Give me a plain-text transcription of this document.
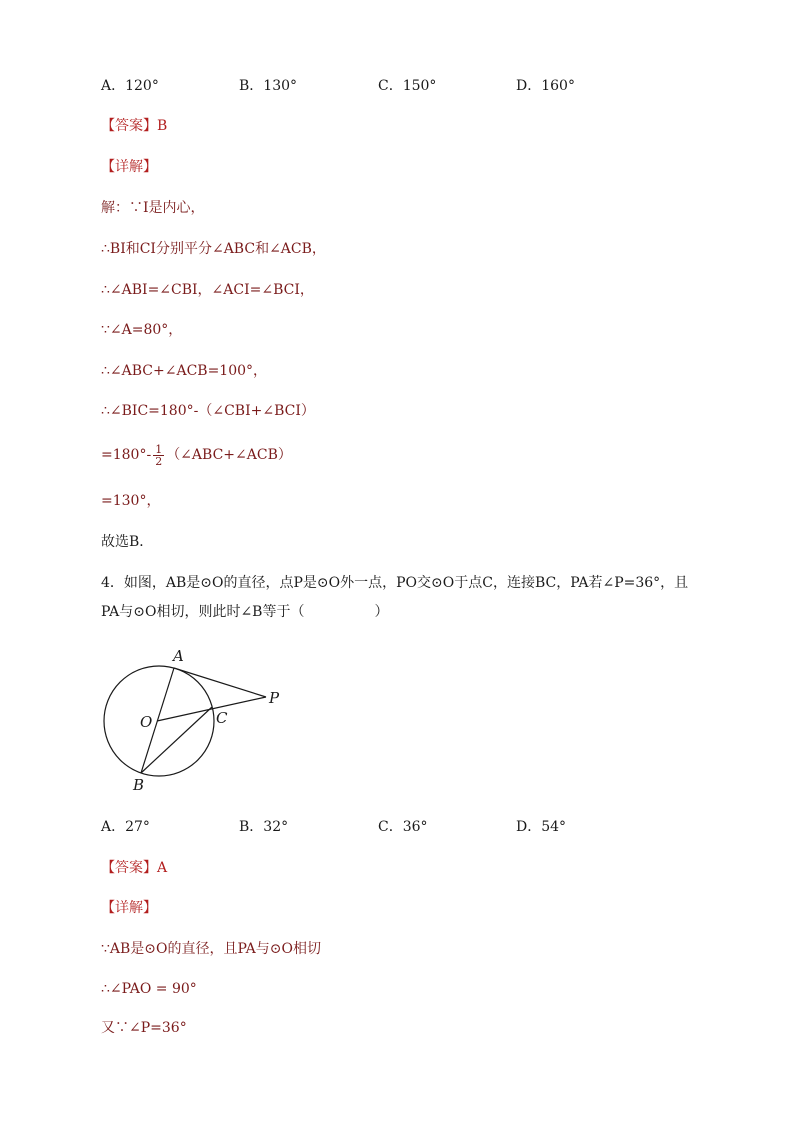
A．120°	B．130°	C．150°	D．160°
【答案】B
【详解】
解：∵I是内心，
∴BI和CI分别平分∠ABC和∠ACB，
∴∠ABI=∠CBI，∠ACI=∠BCI，
∵∠A=80°，
∴∠ABC+∠ACB=100°，
∴∠BIC=180°-（∠CBI+∠BCI）
$=180^\circ- \frac{1}{2}$ （∠ABC+∠ACB）
=130°，
故选B．
4．如图，AB是⊙O的直径，点P是⊙O外一点，PO交⊙O于点C，连接BC，PA若∠P=36°，且
PA与⊙O相切，则此时∠B等于（	）
A
O	C
P
B
A．27°	B．32°	C．36°	D．54°
【答案】A
【详解】
∵AB是⊙O的直径，且PA与⊙O相切
∴∠PAO = 90°
又∵∠P=36°
